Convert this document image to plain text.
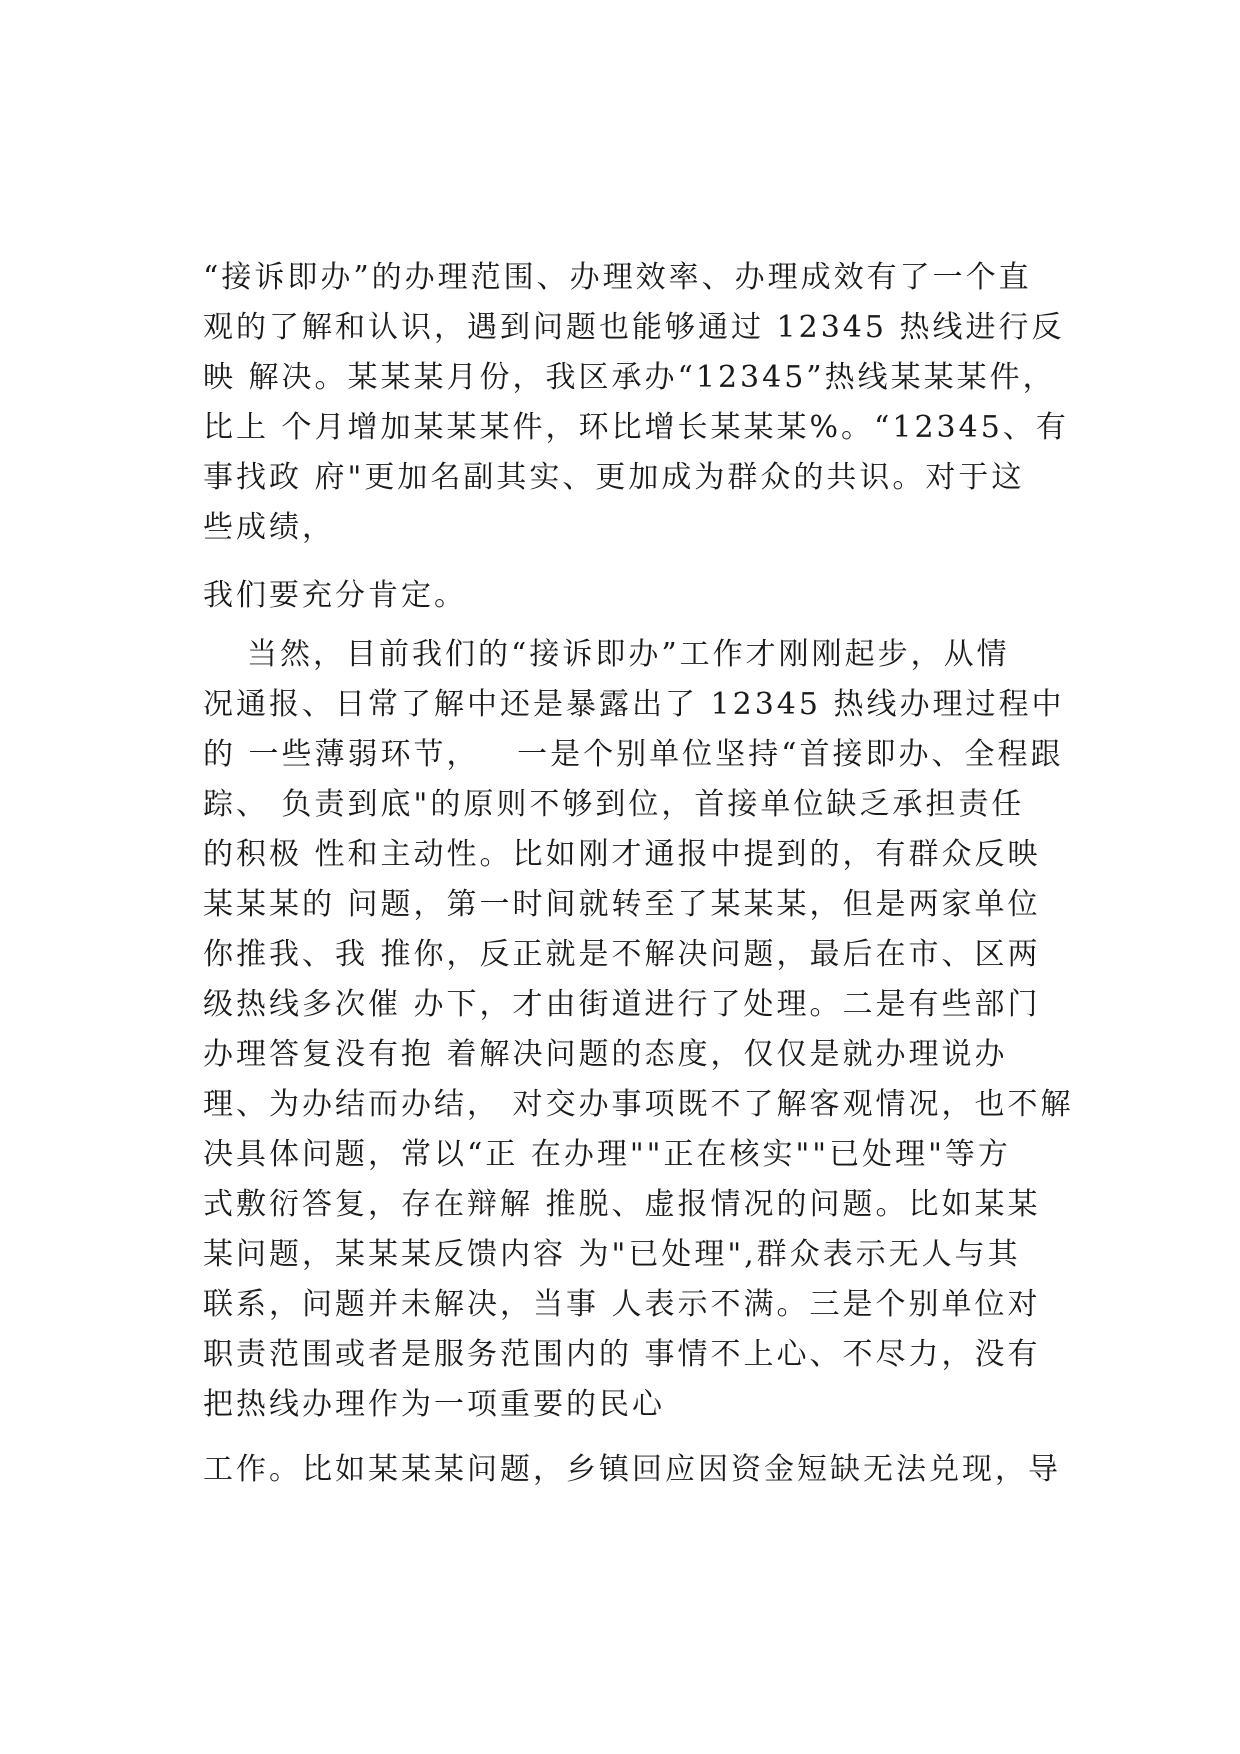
“接诉即办”的办理范围、办理效率、办理成效有了一个直
观的了解和认识，遇到问题也能够通过 12345 热线进行反
映 解决。某某某月份，我区承办“12345”热线某某某件，
比上 个月增加某某某件，环比增长某某某%。“12345、有
事找政 府"更加名副其实、更加成为群众的共识。对于这
些成绩，
我们要充分肯定。
当然，目前我们的“接诉即办”工作才刚刚起步，从情
况通报、日常了解中还是暴露出了 12345 热线办理过程中
的 一些薄弱环节，   一是个别单位坚持“首接即办、全程跟
踪、 负责到底"的原则不够到位，首接单位缺乏承担责任
的积极 性和主动性。比如刚才通报中提到的，有群众反映
某某某的 问题，第一时间就转至了某某某，但是两家单位
你推我、我 推你，反正就是不解决问题，最后在市、区两
级热线多次催 办下，才由街道进行了处理。二是有些部门
办理答复没有抱 着解决问题的态度，仅仅是就办理说办
理、为办结而办结， 对交办事项既不了解客观情况，也不解
决具体问题，常以“正 在办理""正在核实""已处理"等方
式敷衍答复，存在辩解 推脱、虚报情况的问题。比如某某
某问题，某某某反馈内容 为"已处理",群众表示无人与其
联系，问题并未解决，当事 人表示不满。三是个别单位对
职责范围或者是服务范围内的 事情不上心、不尽力，没有
把热线办理作为一项重要的民心
工作。比如某某某问题，乡镇回应因资金短缺无法兑现，导
